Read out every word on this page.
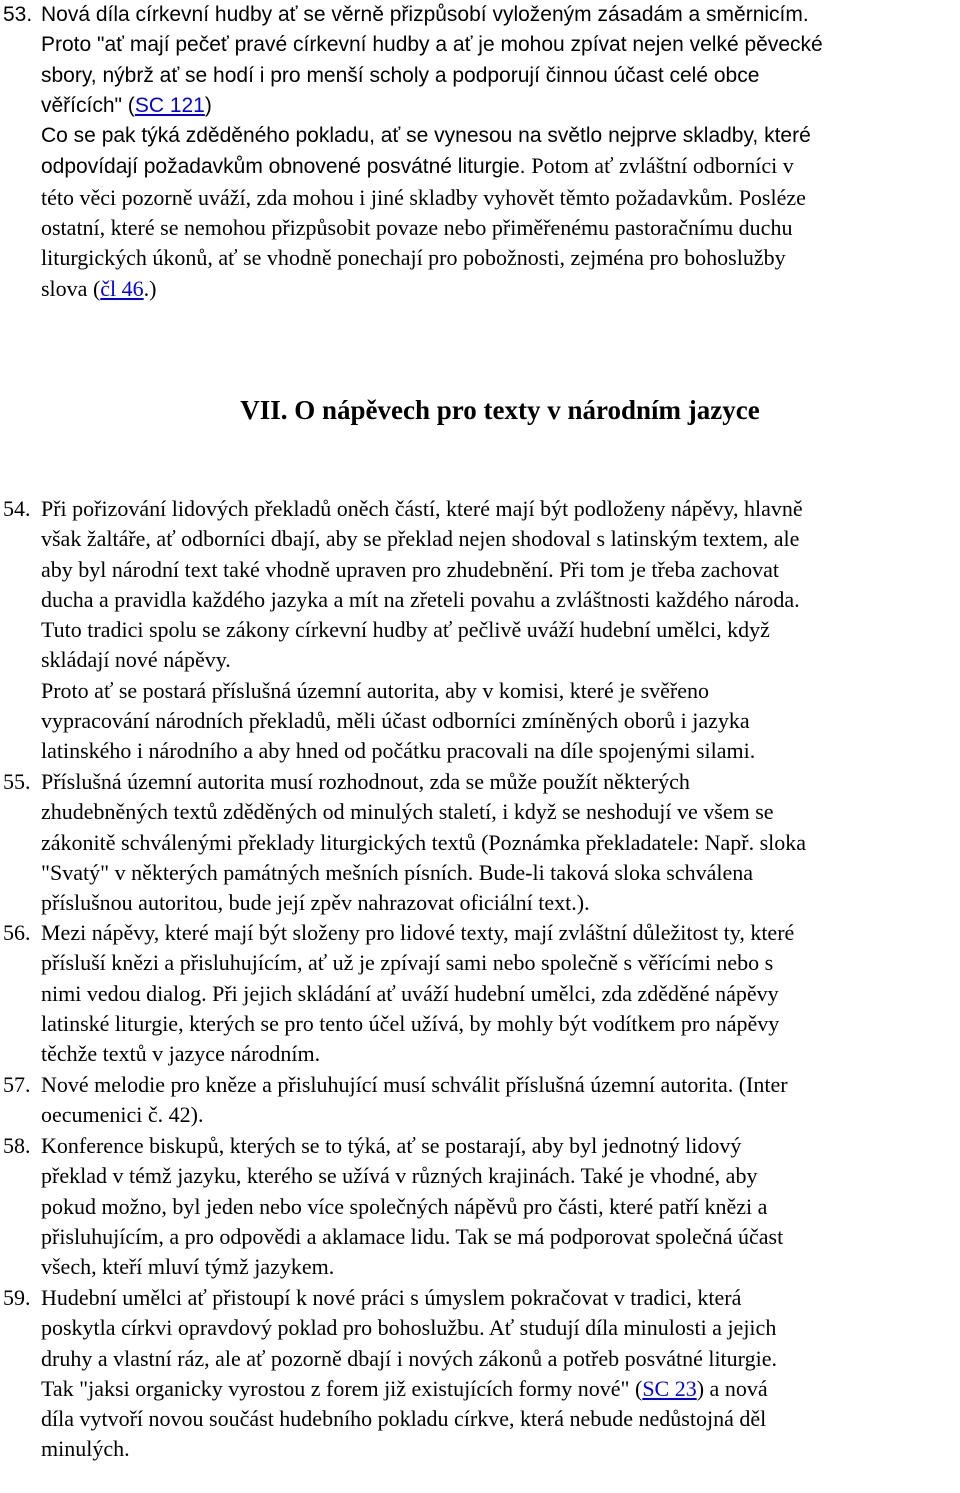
53. Nová díla církevní hudby ať se věrně přizpůsobí vyloženým zásadám a směrnicím.
Proto "ať mají pečeť pravé církevní hudby a ať je mohou zpívat nejen velké pěvecké
sbory, nýbrž ať se hodí i pro menší scholy a podporují činnou účast celé obce
věřících" (SC 121)
Co se pak týká zděděného pokladu, ať se vynesou na světlo nejprve skladby, které
odpovídají požadavkům obnovené posvátné liturgie. Potom ať zvláštní odborníci v
této věci pozorně uváží, zda mohou i jiné skladby vyhovět těmto požadavkům. Posléze
ostatní, které se nemohou přizpůsobit povaze nebo přiměřenému pastoračnímu duchu
liturgických úkonů, ať se vhodně ponechají pro pobožnosti, zejména pro bohoslužby
slova (čl 46.)
VII. O nápěvech pro texty v národním jazyce
54. Při pořizování lidových překladů oněch částí, které mají být podloženy nápěvy, hlavně
však žaltáře, ať odborníci dbají, aby se překlad nejen shodoval s latinským textem, ale
aby byl národní text také vhodně upraven pro zhudebnění. Při tom je třeba zachovat
ducha a pravidla každého jazyka a mít na zřeteli povahu a zvláštnosti každého národa.
Tuto tradici spolu se zákony církevní hudby ať pečlivě uváží hudební umělci, když
skládají nové nápěvy.
Proto ať se postará příslušná územní autorita, aby v komisi, které je svěřeno
vypracování národních překladů, měli účast odborníci zmíněných oborů i jazyka
latinského i národního a aby hned od počátku pracovali na díle spojenými silami.
55. Příslušná územní autorita musí rozhodnout, zda se může použít některých
zhudebněných textů zděděných od minulých staletí, i když se neshodují ve všem se
zákonitě schválenými překlady liturgických textů (Poznámka překladatele: Např. sloka
"Svatý" v některých památných mešních písních. Bude-li taková sloka schválena
příslušnou autoritou, bude její zpěv nahrazovat oficiální text.).
56. Mezi nápěvy, které mají být složeny pro lidové texty, mají zvláštní důležitost ty, které
přísluší knězi a přisluhujícím, ať už je zpívají sami nebo společně s věřícími nebo s
nimi vedou dialog. Při jejich skládání ať uváží hudební umělci, zda zděděné nápěvy
latinské liturgie, kterých se pro tento účel užívá, by mohly být vodítkem pro nápěvy
těchže textů v jazyce národním.
57. Nové melodie pro kněze a přisluhující musí schválit příslušná územní autorita. (Inter
oecumenici č. 42).
58. Konference biskupů, kterých se to týká, ať se postarají, aby byl jednotný lidový
překlad v témž jazyku, kterého se užívá v různých krajinách. Také je vhodné, aby
pokud možno, byl jeden nebo více společných nápěvů pro části, které patří knězi a
přisluhujícím, a pro odpovědi a aklamace lidu. Tak se má podporovat společná účast
všech, kteří mluví týmž jazykem.
59. Hudební umělci ať přistoupí k nové práci s úmyslem pokračovat v tradici, která
poskytla církvi opravdový poklad pro bohoslužbu. Ať studují díla minulosti a jejich
druhy a vlastní ráz, ale ať pozorně dbají i nových zákonů a potřeb posvátné liturgie.
Tak "jaksi organicky vyrostou z forem již existujících formy nové" (SC 23) a nová
díla vytvoří novou součást hudebního pokladu církve, která nebude nedůstojná děl
minulých.
